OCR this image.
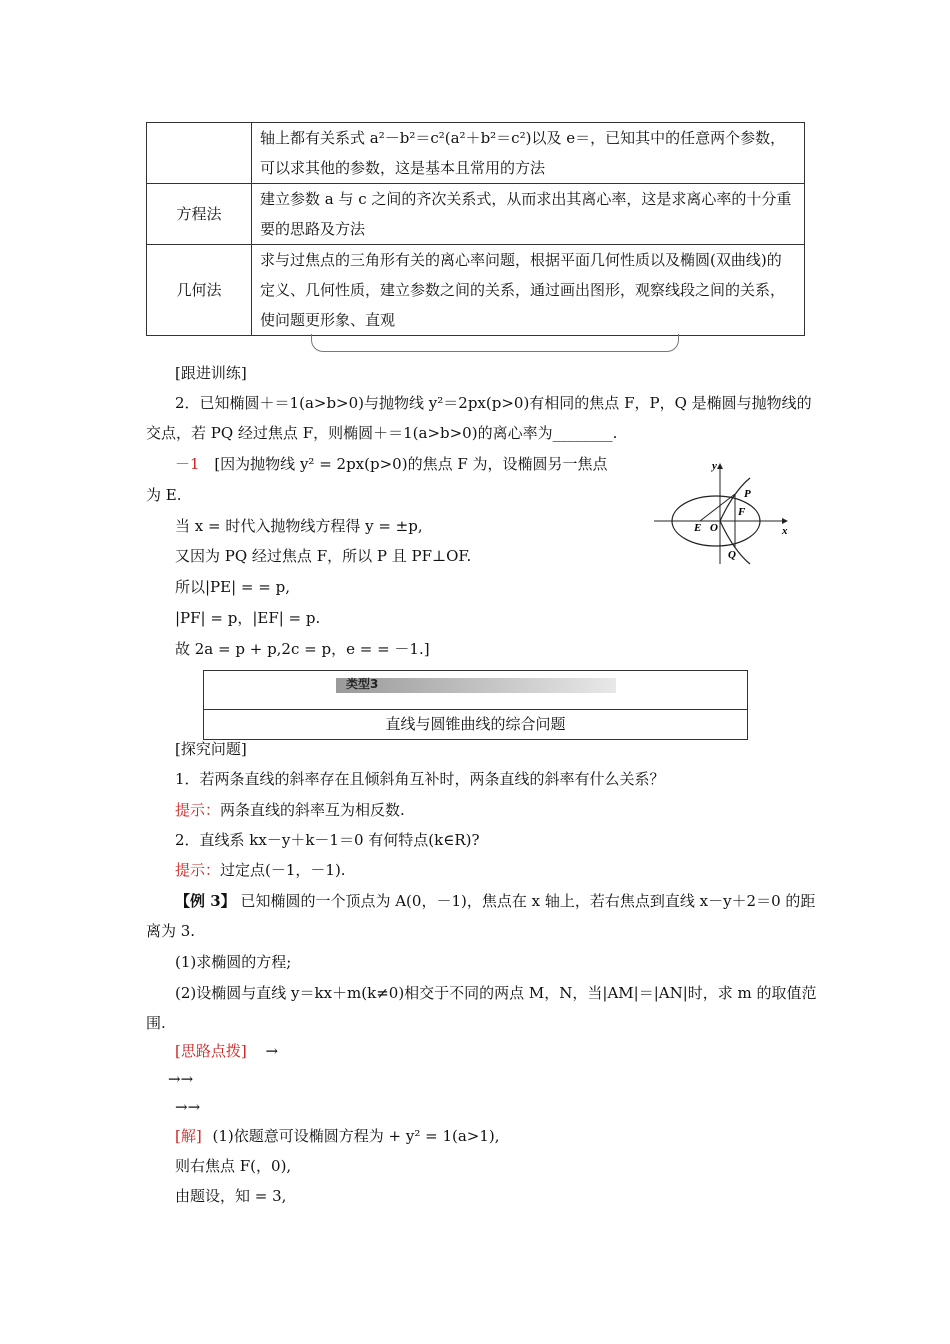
	轴上都有关系式 a²－b²＝c²(a²＋b²＝c²)以及 e＝，已知其中的任意两个参数，可以求其他的参数，这是基本且常用的方法
方程法	建立参数 a 与 c 之间的齐次关系式，从而求出其离心率，这是求离心率的十分重要的思路及方法
几何法	求与过焦点的三角形有关的离心率问题，根据平面几何性质以及椭圆(双曲线)的定义、几何性质，建立参数之间的关系，通过画出图形，观察线段之间的关系，使问题更形象、直观
[跟进训练]
2．已知椭圆＋＝1(a>b>0)与抛物线 y²＝2px(p>0)有相同的焦点 F，P，Q 是椭圆与抛物线的交点，若 PQ 经过焦点 F，则椭圆＋＝1(a>b>0)的离心率为________.
－1 [因为抛物线 y² = 2px(p>0)的焦点 F 为，设椭圆另一焦点
为 E.
当 x = 时代入抛物线方程得 y = ±p,
又因为 PQ 经过焦点 F，所以 P 且 PF⊥OF.
所以|PE| = = p,
|PF| = p，|EF| = p.
故 2a = p + p,2c = p，e = = －1.]
y
x
P
F
E O
Q
类型3
直线与圆锥曲线的综合问题
[探究问题]
1．若两条直线的斜率存在且倾斜角互补时，两条直线的斜率有什么关系？
提示：两条直线的斜率互为相反数.
2．直线系 kx－y＋k－1＝0 有何特点(k∈R)?
提示：过定点(－1，－1).
【例 3】 已知椭圆的一个顶点为 A(0，－1)，焦点在 x 轴上，若右焦点到直线 x－y＋2＝0 的距离为 3.
(1)求椭圆的方程;
(2)设椭圆与直线 y＝kx＋m(k≠0)相交于不同的两点 M，N，当|AM|＝|AN|时，求 m 的取值范围.
[思路点拨] →
→→
→→
[解] (1)依题意可设椭圆方程为 + y² = 1(a>1),
则右焦点 F(，0),
由题设，知 = 3,
